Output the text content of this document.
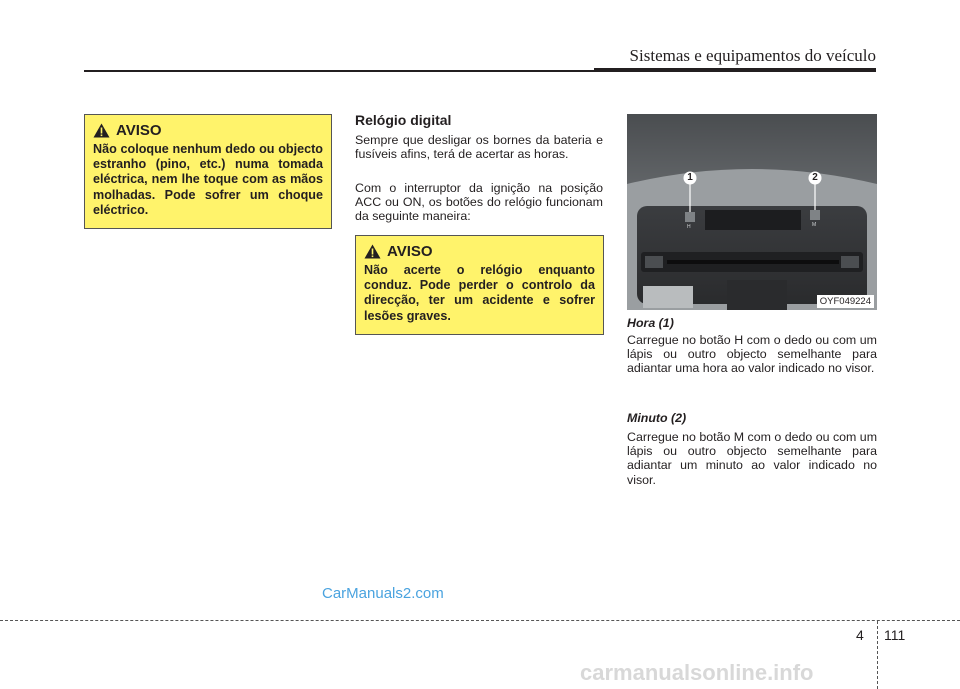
Sistemas e equipamentos do veículo
AVISO
Não coloque nenhum dedo ou objecto estranho (pino, etc.) numa tomada eléctrica, nem lhe toque com as mãos molhadas. Pode sofrer um choque eléctrico.
Relógio digital
Sempre que desligar os bornes da bateria e fusíveis afins, terá de acertar as horas.
Com o interruptor da ignição na posição ACC ou ON, os botões do relógio funcionam da seguinte maneira:
AVISO
Não acerte o relógio enquanto conduz. Pode perder o controlo da direcção, ter um acidente e sofrer lesões graves.
1	2
H	M
OYF049224
Hora (1)
Carregue no botão H com o dedo ou com um lápis ou outro objecto semelhante para adiantar uma hora ao valor indicado no visor.
Minuto (2)
Carregue no botão M com o dedo ou com um lápis ou outro objecto semelhante para adiantar um minuto ao valor indicado no visor.
CarManuals2.com
4 111
carmanualsonline.info
